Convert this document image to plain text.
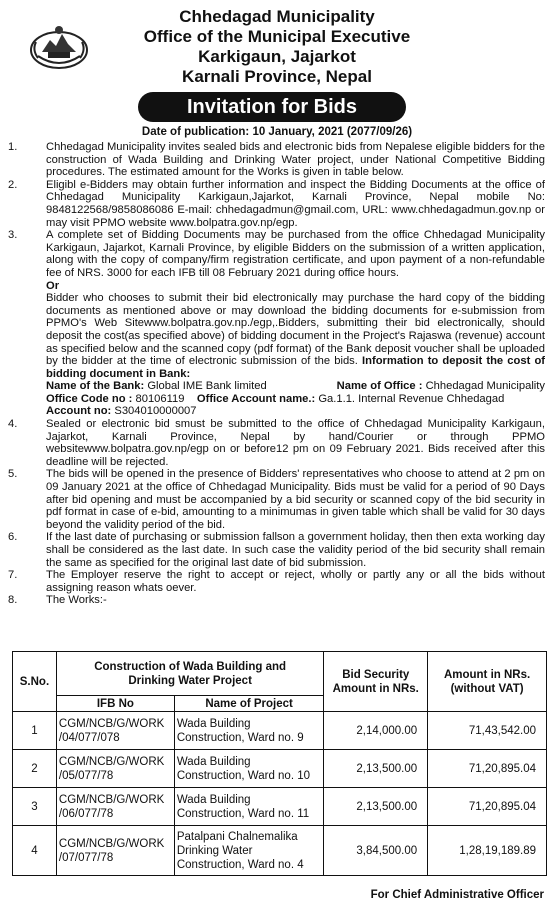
Chhedagad Municipality
Office of the Municipal Executive
Karkigaun, Jajarkot
Karnali Province, Nepal
Invitation for Bids
Date of publication: 10 January, 2021 (2077/09/26)
1.	Chhedagad Municipality invites sealed bids and electronic bids from Nepalese eligible bidders for the construction of Wada Building and Drinking Water project, under National Competitive Bidding procedures. The estimated amount for the Works is given in table below.
2.	Eligibl e-Bidders may obtain further information and inspect the Bidding Documents at the office of Chhedagad Municipality Karkigaun,Jajarkot, Karnali Province, Nepal mobile No: 9848122568/9858086086 E-mail: chhedagadmun@gmail.com, URL: www.chhedagadmun.gov.np or may visit PPMO website www.bolpatra.gov.np/egp.
3.	A complete set of Bidding Documents may be purchased from the office Chhedagad Municipality Karkigaun, Jajarkot, Karnali Province, by eligible Bidders on the submission of a written application, along with the copy of company/firm registration certificate, and upon payment of a non-refundable fee of NRS. 3000 for each IFB till 08 February 2021 during office hours.

Or

Bidder who chooses to submit their bid electronically may purchase the hard copy of the bidding documents as mentioned above or may download the bidding documents for e-submission from PPMO's Web Sitewww.bolpatra.gov.np./egp,.Bidders, submitting their bid electronically, should deposit the cost(as specified above) of bidding document in the Project's Rajaswa (revenue) account as specified below and the scanned copy (pdf format) of the Bank deposit voucher shall be uploaded by the bidder at the time of electronic submission of the bids. Information to deposit the cost of bidding document in Bank:

Name of the Bank: Global IME Bank limited	Name of Office : Chhedagad Municipality

Office Code no : 80106119 Office Account name.: Ga.1.1. Internal Revenue Chhedagad

Account no: S304010000007

4.	Sealed or electronic bid smust be submitted to the office of Chhedagad Municipality Karkigaun, Jajarkot, Karnali Province, Nepal by hand/Courier or through PPMO websitewww.bolpatra.gov.np/egp on or before12 pm on 09 February 2021. Bids received after this deadline will be rejected.
5.	The bids will be opened in the presence of Bidders' representatives who choose to attend at 2 pm on 09 January 2021 at the office of Chhedagad Municipality. Bids must be valid for a period of 90 Days after bid opening and must be accompanied by a bid security or scanned copy of the bid security in pdf format in case of e-bid, amounting to a minimumas in given table which shall be valid for 30 days beyond the validity period of the bid.
6.	If the last date of purchasing or submission fallson a government holiday, then then exta working day shall be considered as the last date. In such case the validity period of the bid security shall remain the same as specified for the original last date of bid submission.
7.	The Employer reserve the right to accept or reject, wholly or partly any or all the bids without assigning reason whats oever.
8.	The Works:-
S.No.	Construction of Wada Building and Drinking Water Project		Bid Security Amount in NRs.	Amount in NRs.(without VAT)
	IFB No	Name of Project		
1	CGM/NCB/G/WORK /04/077/078	Wada Building Construction, Ward no. 9	2,14,000.00	71,43,542.00
2	CGM/NCB/G/WORK /05/077/78	Wada Building Construction, Ward no. 10	2,13,500.00	71,20,895.04
3	CGM/NCB/G/WORK /06/077/78	Wada Building Construction, Ward no. 11	2,13,500.00	71,20,895.04
4	CGM/NCB/G/WORK /07/077/78	Patalpani Chalnemalika Drinking Water Construction, Ward no. 4	3,84,500.00	1,28,19,189.89
For Chief Administrative Officer
